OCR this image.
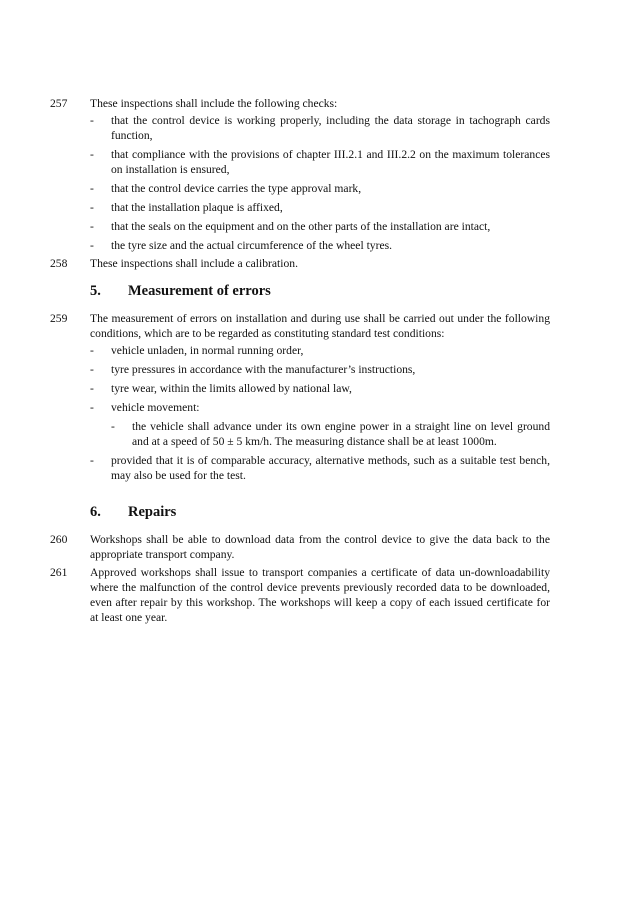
257	These inspections shall include the following checks:
- that the control device is working properly, including the data storage in tachograph cards function,
- that compliance with the provisions of chapter III.2.1 and III.2.2 on the maximum tolerances on installation is ensured,
- that the control device carries the type approval mark,
- that the installation plaque is affixed,
- that the seals on the equipment and on the other parts of the installation are intact,
- the tyre size and the actual circumference of the wheel tyres.
258	These inspections shall include a calibration.
5. Measurement of errors
259	The measurement of errors on installation and during use shall be carried out under the following conditions, which are to be regarded as constituting standard test conditions:
- vehicle unladen, in normal running order,
- tyre pressures in accordance with the manufacturer’s instructions,
- tyre wear, within the limits allowed by national law,
- vehicle movement:
- the vehicle shall advance under its own engine power in a straight line on level ground and at a speed of 50 ± 5 km/h. The measuring distance shall be at least 1000m.
- provided that it is of comparable accuracy, alternative methods, such as a suitable test bench, may also be used for the test.
6. Repairs
260	Workshops shall be able to download data from the control device to give the data back to the appropriate transport company.
261	Approved workshops shall issue to transport companies a certificate of data un-downloadability where the malfunction of the control device prevents previously recorded data to be downloaded, even after repair by this workshop. The workshops will keep a copy of each issued certificate for at least one year.
